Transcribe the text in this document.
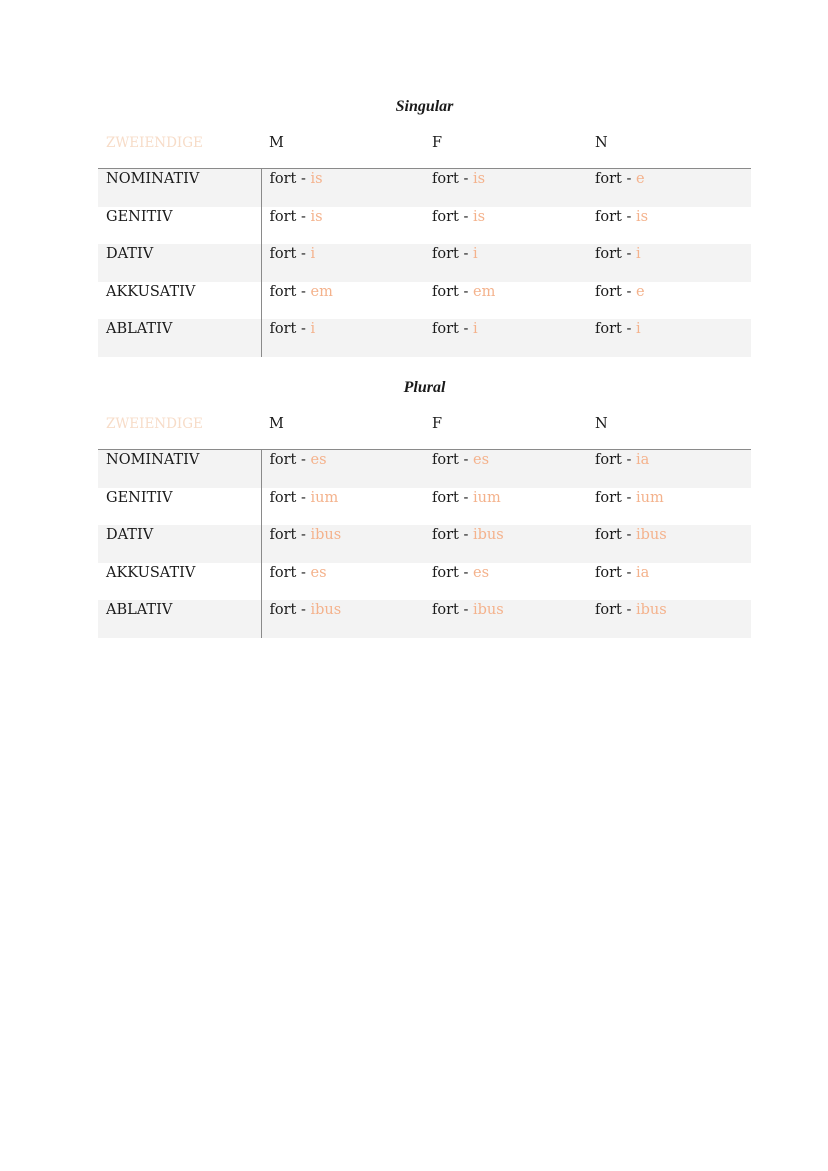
Singular
ZWEIENDIGE	M	F	N
NOMINATIV	fort - is	fort - is	fort - e
GENITIV	fort - is	fort - is	fort - is
DATIV	fort - i	fort - i	fort - i
AKKUSATIV	fort - em	fort - em	fort - e
ABLATIV	fort - i	fort - i	fort - i
Plural
ZWEIENDIGE	M	F	N
NOMINATIV	fort - es	fort - es	fort - ia
GENITIV	fort - ium	fort - ium	fort - ium
DATIV	fort - ibus	fort - ibus	fort - ibus
AKKUSATIV	fort - es	fort - es	fort - ia
ABLATIV	fort - ibus	fort - ibus	fort - ibus
